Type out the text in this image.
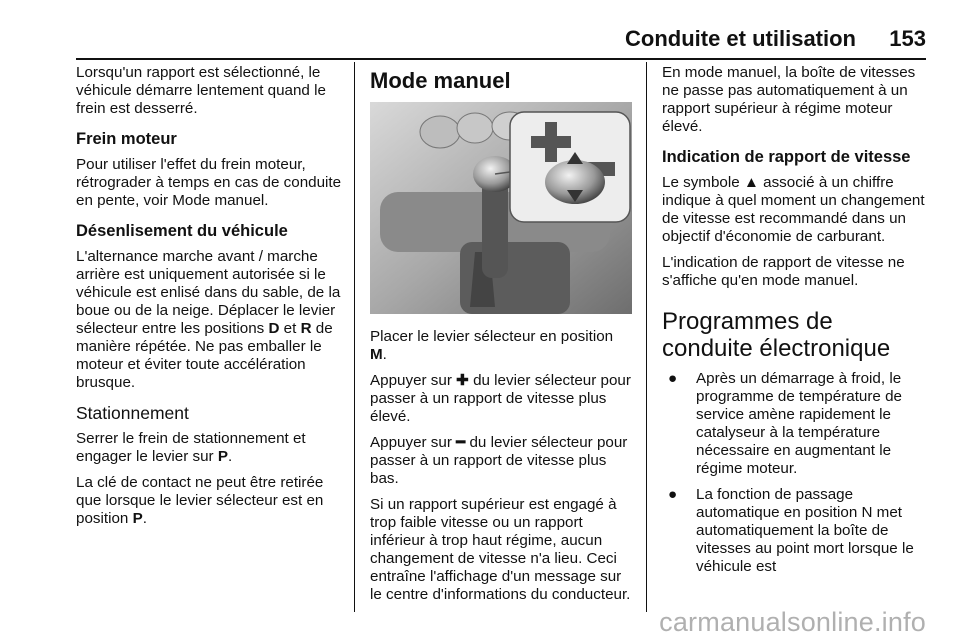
Conduite et utilisation 153

Lorsqu'un rapport est sélectionné, le véhicule démarre lentement quand le frein est desserré.

Frein moteur

Pour utiliser l'effet du frein moteur, rétrograder à temps en cas de conduite en pente, voir Mode manuel.

Désenlisement du véhicule

L'alternance marche avant / marche arrière est uniquement autorisée si le véhicule est enlisé dans du sable, de la boue ou de la neige. Déplacer le levier sélecteur entre les positions D et R de manière répétée. Ne pas emballer le moteur et éviter toute accélération brusque.

Stationnement

Serrer le frein de stationnement et engager le levier sur P.

La clé de contact ne peut être retirée que lorsque le levier sélecteur est en position P.

Mode manuel

Placer le levier sélecteur en position M.

Appuyer sur ✚ du levier sélecteur pour passer à un rapport de vitesse plus élevé.

Appuyer sur ━ du levier sélecteur pour passer à un rapport de vitesse plus bas.

Si un rapport supérieur est engagé à trop faible vitesse ou un rapport inférieur à trop haut régime, aucun changement de vitesse n'a lieu. Ceci entraîne l'affichage d'un message sur le centre d'informations du conducteur.

En mode manuel, la boîte de vitesses ne passe pas automatiquement à un rapport supérieur à régime moteur élevé.

Indication de rapport de vitesse

Le symbole ▲ associé à un chiffre indique à quel moment un changement de vitesse est recommandé dans un objectif d'économie de carburant.

L'indication de rapport de vitesse ne s'affiche qu'en mode manuel.

Programmes de conduite électronique
●	Après un démarrage à froid, le programme de température de service amène rapidement le catalyseur à la température nécessaire en augmentant le régime moteur.
●	La fonction de passage automatique en position N met automatiquement la boîte de vitesses au point mort lorsque le véhicule est
carmanualsonline.info
